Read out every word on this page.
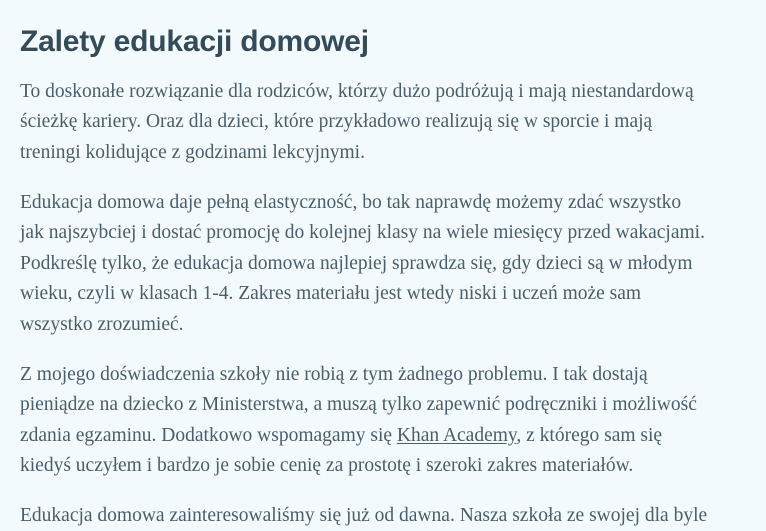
Zalety edukacji domowej

To doskonałe rozwiązanie dla rodziców, którzy dużo podróżują i mają niestandardową
ścieżkę kariery. Oraz dla dzieci, które przykładowo realizują się w sporcie i mają
treningi kolidujące z godzinami lekcyjnymi.

Edukacja domowa daje pełną elastyczność, bo tak naprawdę możemy zdać wszystko
jak najszybciej i dostać promocję do kolejnej klasy na wiele miesięcy przed wakacjami.
Podkreślę tylko, że edukacja domowa najlepiej sprawdza się, gdy dzieci są w młodym
wieku, czyli w klasach 1-4. Zakres materiału jest wtedy niski i uczeń może sam
wszystko zrozumieć.

Z mojego doświadczenia szkoły nie robią z tym żadnego problemu. I tak dostają
pieniądze na dziecko z Ministerstwa, a muszą tylko zapewnić podręczniki i możliwość
zdania egzaminu. Dodatkowo wspomagamy się Khan Academy, z którego sam się
kiedyś uczyłem i bardzo je sobie cenię za prostotę i szeroki zakres materiałów.

Edukacja domowa zainteresowaliśmy się już od dawna. Nasza szkoła ze swojej dla byle
